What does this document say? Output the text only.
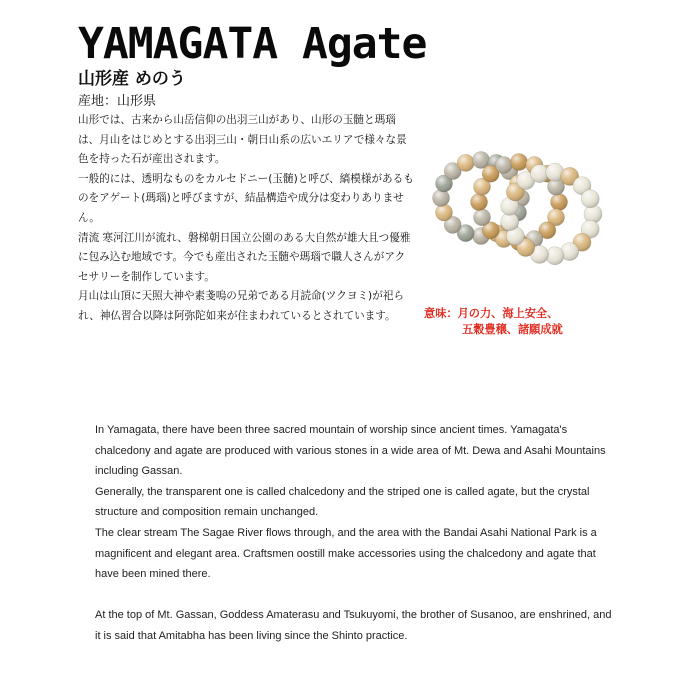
YAMAGATA Agate
山形産 めのう
産地：山形県

山形では、古来から山岳信仰の出羽三山があり、山形の玉髄と瑪瑙は、月山をはじめとする出羽三山・朝日山系の広いエリアで様々な景色を持った石が産出されます。

一般的には、透明なものをカルセドニー(玉髄)と呼び、縞模様があるものをアゲート(瑪瑙)と呼びますが、結晶構造や成分は変わりありません。

清流 寒河江川が流れ、磐梯朝日国立公園のある大自然が雄大且つ優雅に包み込む地域です。今でも産出された玉髄や瑪瑙で職人さんがアクセサリーを制作しています。

月山は山頂に天照大神や素戔嗚の兄弟である月読命(ツクヨミ)が祀られ、神仏習合以降は阿弥陀如来が住まわれているとされています。	意味：月の力、海上安全、
五穀豊穣、諸願成就

In Yamagata, there have been three sacred mountain of worship since ancient times. Yamagata's chalcedony and agate are produced with various stones in a wide area of Mt. Dewa and Asahi Mountains including Gassan.

Generally, the transparent one is called chalcedony and the striped one is called agate, but the crystal structure and composition remain unchanged.

The clear stream The Sagae River flows through, and the area with the Bandai Asahi National Park is a magnificent and elegant area. Craftsmen oostill make accessories using the chalcedony and agate that have been mined there.

At the top of Mt. Gassan, Goddess Amaterasu and Tsukuyomi, the brother of Susanoo, are enshrined, and it is said that Amitabha has been living since the Shinto practice.
